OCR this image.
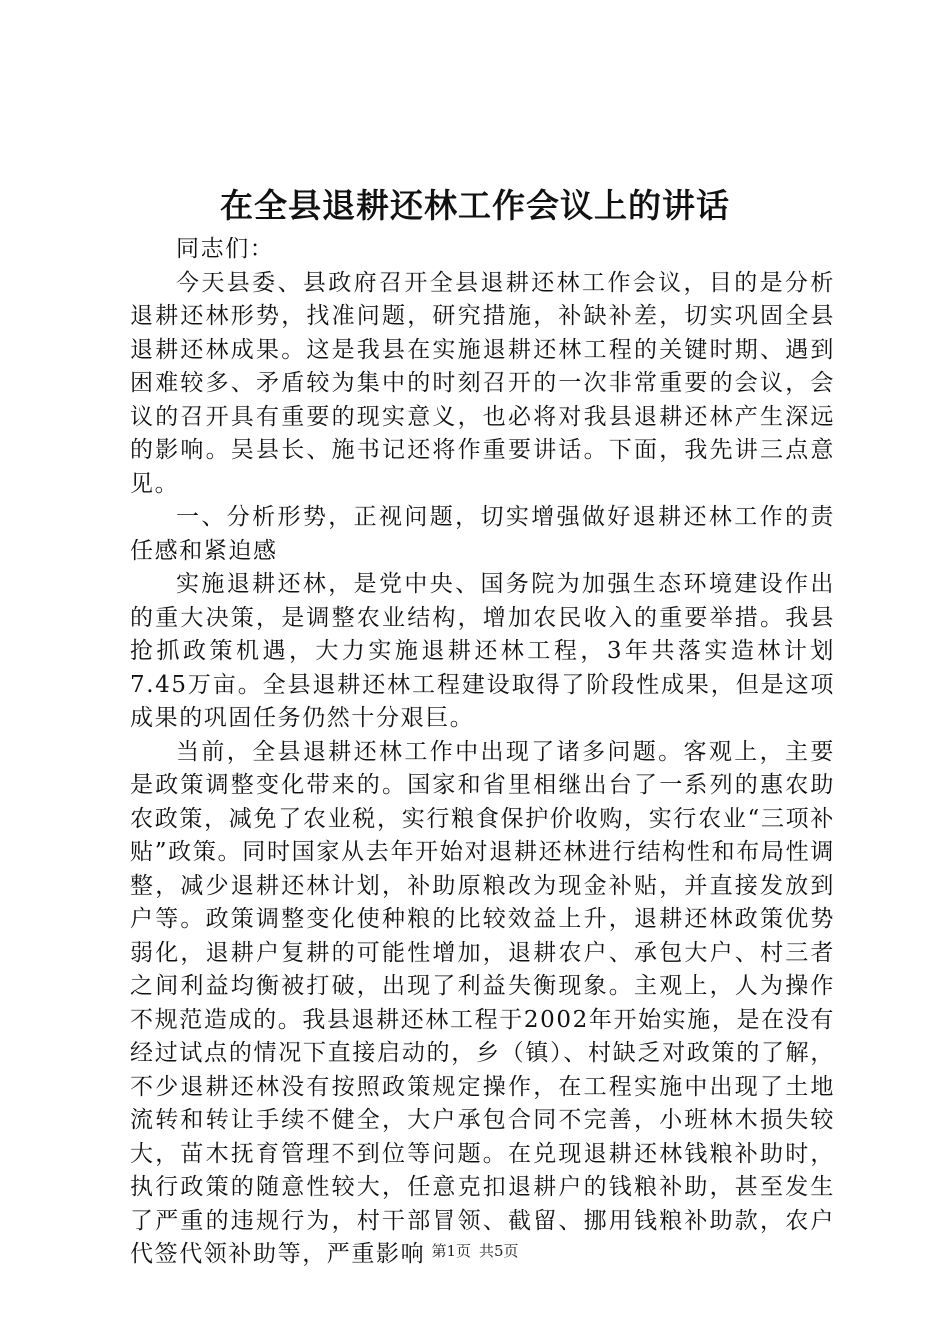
在全县退耕还林工作会议上的讲话

同志们：

今天县委、县政府召开全县退耕还林工作会议，目的是分析退耕还林形势，找准问题，研究措施，补缺补差，切实巩固全县退耕还林成果。这是我县在实施退耕还林工程的关键时期、遇到困难较多、矛盾较为集中的时刻召开的一次非常重要的会议，会议的召开具有重要的现实意义，也必将对我县退耕还林产生深远的影响。吴县长、施书记还将作重要讲话。下面，我先讲三点意见。

一、分析形势，正视问题，切实增强做好退耕还林工作的责任感和紧迫感

实施退耕还林，是党中央、国务院为加强生态环境建设作出的重大决策，是调整农业结构，增加农民收入的重要举措。我县抢抓政策机遇，大力实施退耕还林工程，3年共落实造林计划7.45万亩。全县退耕还林工程建设取得了阶段性成果，但是这项成果的巩固任务仍然十分艰巨。

当前，全县退耕还林工作中出现了诸多问题。客观上，主要是政策调整变化带来的。国家和省里相继出台了一系列的惠农助农政策，减免了农业税，实行粮食保护价收购，实行农业“三项补贴”政策。同时国家从去年开始对退耕还林进行结构性和布局性调整，减少退耕还林计划，补助原粮改为现金补贴，并直接发放到户等。政策调整变化使种粮的比较效益上升，退耕还林政策优势弱化，退耕户复耕的可能性增加，退耕农户、承包大户、村三者之间利益均衡被打破，出现了利益失衡现象。主观上，人为操作不规范造成的。我县退耕还林工程于2002年开始实施，是在没有经过试点的情况下直接启动的，乡（镇）、村缺乏对政策的了解，不少退耕还林没有按照政策规定操作，在工程实施中出现了土地流转和转让手续不健全，大户承包合同不完善，小班林木损失较大，苗木抚育管理不到位等问题。在兑现退耕还林钱粮补助时，执行政策的随意性较大，任意克扣退耕户的钱粮补助，甚至发生了严重的违规行为，村干部冒领、截留、挪用钱粮补助款，农户代签代领补助等，严重影响 第1页 共5页
